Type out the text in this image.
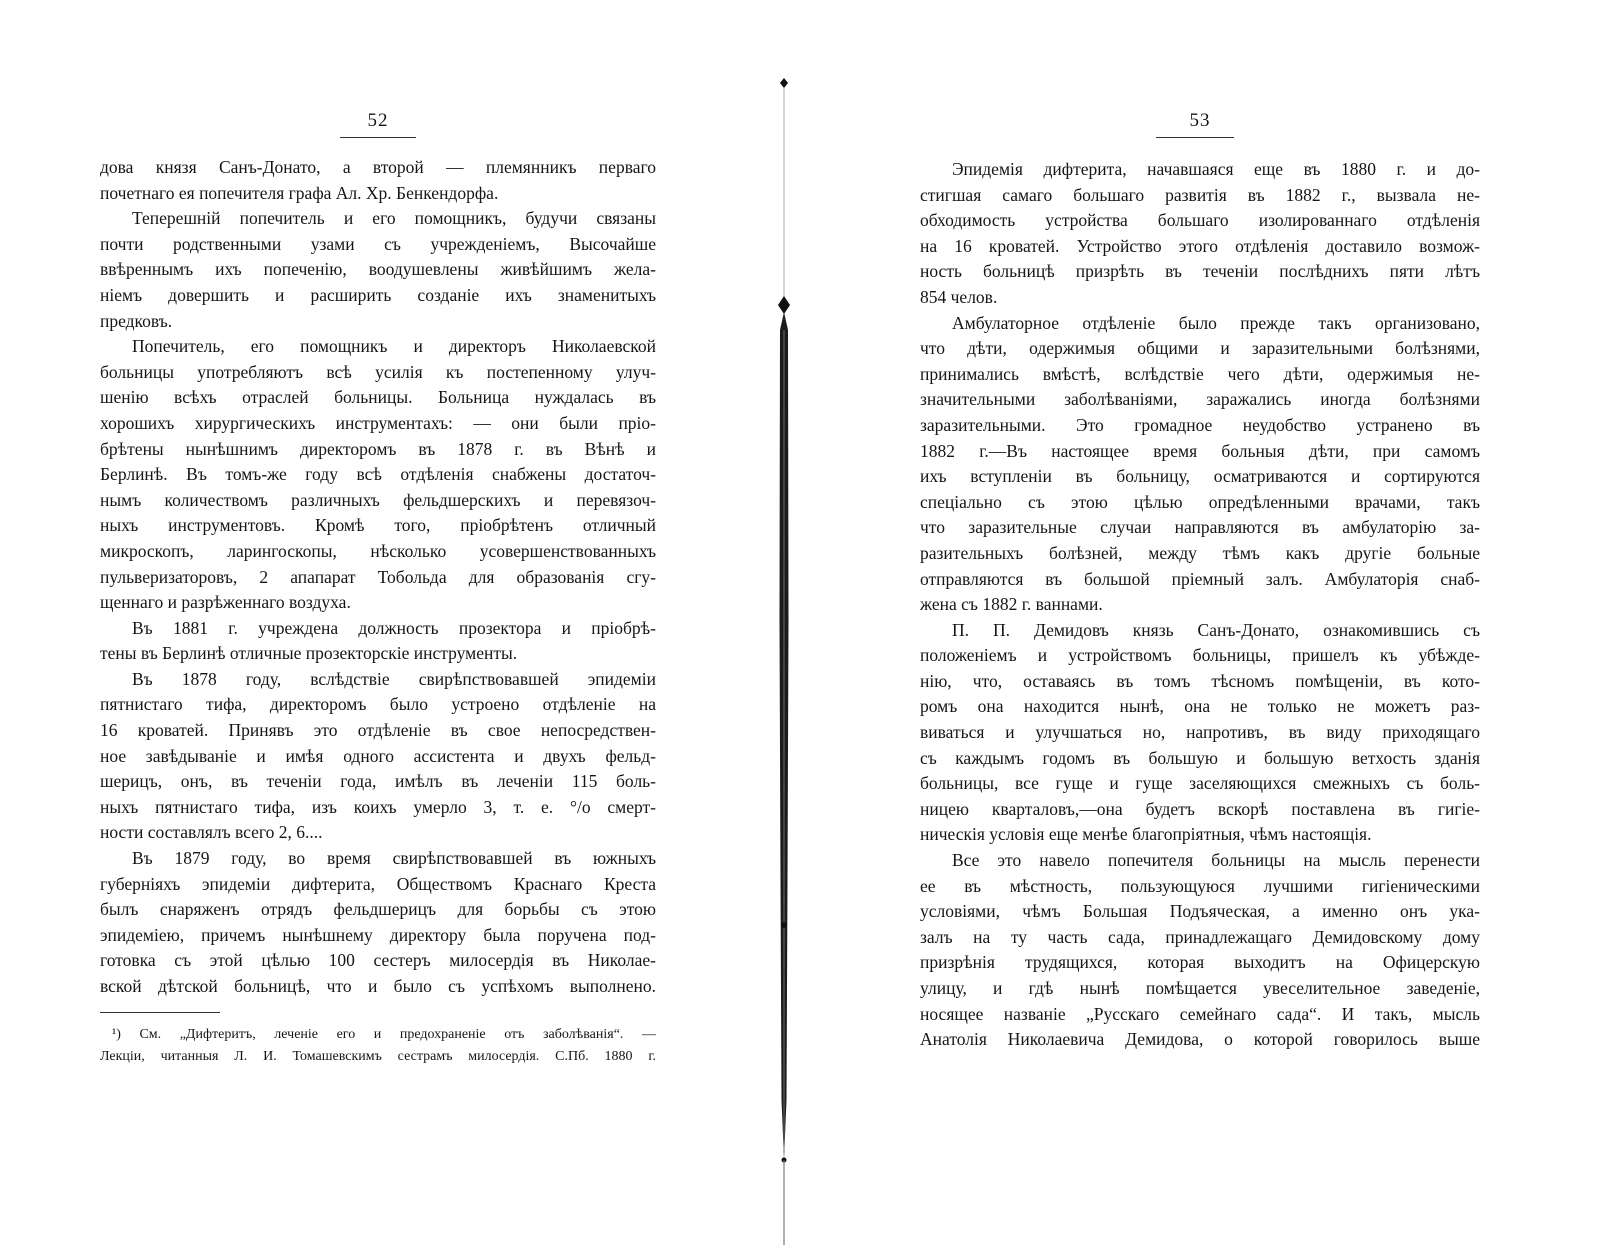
52
дова князя Санъ-Донато, а второй — племянникъ перваго
почетнаго ея попечителя графа Ал. Хр. Бенкендорфа.
Теперешнiй попечитель и его помощникъ, будучи связаны
почти родственными узами съ учрежденiемъ, Высочайше
ввѣреннымъ ихъ попеченiю, воодушевлены живѣйшимъ жела-
нiемъ довершить и расширить созданiе ихъ знаменитыхъ
предковъ.
Попечитель, его помощникъ и директоръ Николаевской
больницы употребляютъ всѣ усилiя къ постепенному улуч-
шенiю всѣхъ отраслей больницы. Больница нуждалась въ
хорошихъ хирургическихъ инструментахъ: — они были прiо-
брѣтены нынѣшнимъ директоромъ въ 1878 г. въ Вѣнѣ и
Берлинѣ. Въ томъ-же году всѣ отдѣленiя снабжены достаточ-
нымъ количествомъ различныхъ фельдшерскихъ и перевязоч-
ныхъ инструментовъ. Кромѣ того, прiобрѣтенъ отличный
микроскопъ, ларингоскопы, нѣсколько усовершенствованныхъ
пульверизаторовъ, 2 апапарат Тобольда для образованiя сгу-
щеннаго и разрѣженнаго воздуха.
Въ 1881 г. учреждена должность прозектора и прiобрѣ-
тены въ Берлинѣ отличные прозекторскiе инструменты.
Въ 1878 году, вслѣдствiе свирѣпствовавшей эпидемiи
пятнистаго тифа, директоромъ было устроено отдѣленiе на
16 кроватей. Принявъ это отдѣленiе въ свое непосредствен-
ное завѣдыванiе и имѣя одного ассистента и двухъ фельд-
шерицъ, онъ, въ теченiи года, имѣлъ въ леченiи 115 боль-
ныхъ пятнистаго тифа, изъ коихъ умерло 3, т. е. °/о смерт-
ности составлялъ всего 2, 6....
Въ 1879 году, во время свирѣпствовавшей въ южныхъ
губернiяхъ эпидемiи дифтерита, Обществомъ Краснаго Креста
былъ снаряженъ отрядъ фельдшерицъ для борьбы съ этою
эпидемiею, причемъ нынѣшнему директору была поручена под-
готовка съ этой цѣлью 100 сестеръ милосердiя въ Николае-
вской дѣтской больницѣ, что и было съ успѣхомъ выполнено.
¹) См. „Дифтеритъ, леченiе его и предохраненiе отъ заболѣванiя“. —
Лекцiи, читанныя Л. И. Томашевскимъ сестрамъ милосердiя. С.Пб. 1880 г.
53
Эпидемiя дифтерита, начавшаяся еще въ 1880 г. и до-
стигшая самаго большаго развитiя въ 1882 г., вызвала не-
обходимость устройства большаго изолированнаго отдѣленiя
на 16 кроватей. Устройство этого отдѣленiя доставило возмож-
ность больницѣ призрѣть въ теченiи послѣднихъ пяти лѣтъ
854 челов.
Амбулаторное отдѣленiе было прежде такъ организовано,
что дѣти, одержимыя общими и заразительными болѣзнями,
принимались вмѣстѣ, вслѣдствiе чего дѣти, одержимыя не-
значительными заболѣванiями, заражались иногда болѣзнями
заразительными. Это громадное неудобство устранено въ
1882 г.—Въ настоящее время больныя дѣти, при самомъ
ихъ вступленiи въ больницу, осматриваются и сортируются
спецiально съ этою цѣлью опредѣленными врачами, такъ
что заразительные случаи направляются въ амбулаторiю за-
разительныхъ болѣзней, между тѣмъ какъ другiе больные
отправляются въ большой прiемный залъ. Амбулаторiя снаб-
жена съ 1882 г. ваннами.
П. П. Демидовъ князь Санъ-Донато, ознакомившись съ
положенiемъ и устройствомъ больницы, пришелъ къ убѣжде-
нiю, что, оставаясь въ томъ тѣсномъ помѣщенiи, въ кото-
ромъ она находится нынѣ, она не только не можетъ раз-
виваться и улучшаться но, напротивъ, въ виду приходящаго
съ каждымъ годомъ въ большую и большую ветхость зданiя
больницы, все гуще и гуще заселяющихся смежныхъ съ боль-
ницею кварталовъ,—она будетъ вскорѣ поставлена въ гигiе-
ническiя условiя еще менѣе благопрiятныя, чѣмъ настоящiя.
Все это навело попечителя больницы на мысль перенести
ее въ мѣстность, пользующуюся лучшими гигiеническими
условiями, чѣмъ Большая Подъяческая, а именно онъ ука-
залъ на ту часть сада, принадлежащаго Демидовскому дому
призрѣнiя трудящихся, которая выходитъ на Офицерскую
улицу, и гдѣ нынѣ помѣщается увеселительное заведенiе,
носящее названiе „Русскаго семейнаго сада“. И такъ, мысль
Анатолiя Николаевича Демидова, о которой говорилось выше
